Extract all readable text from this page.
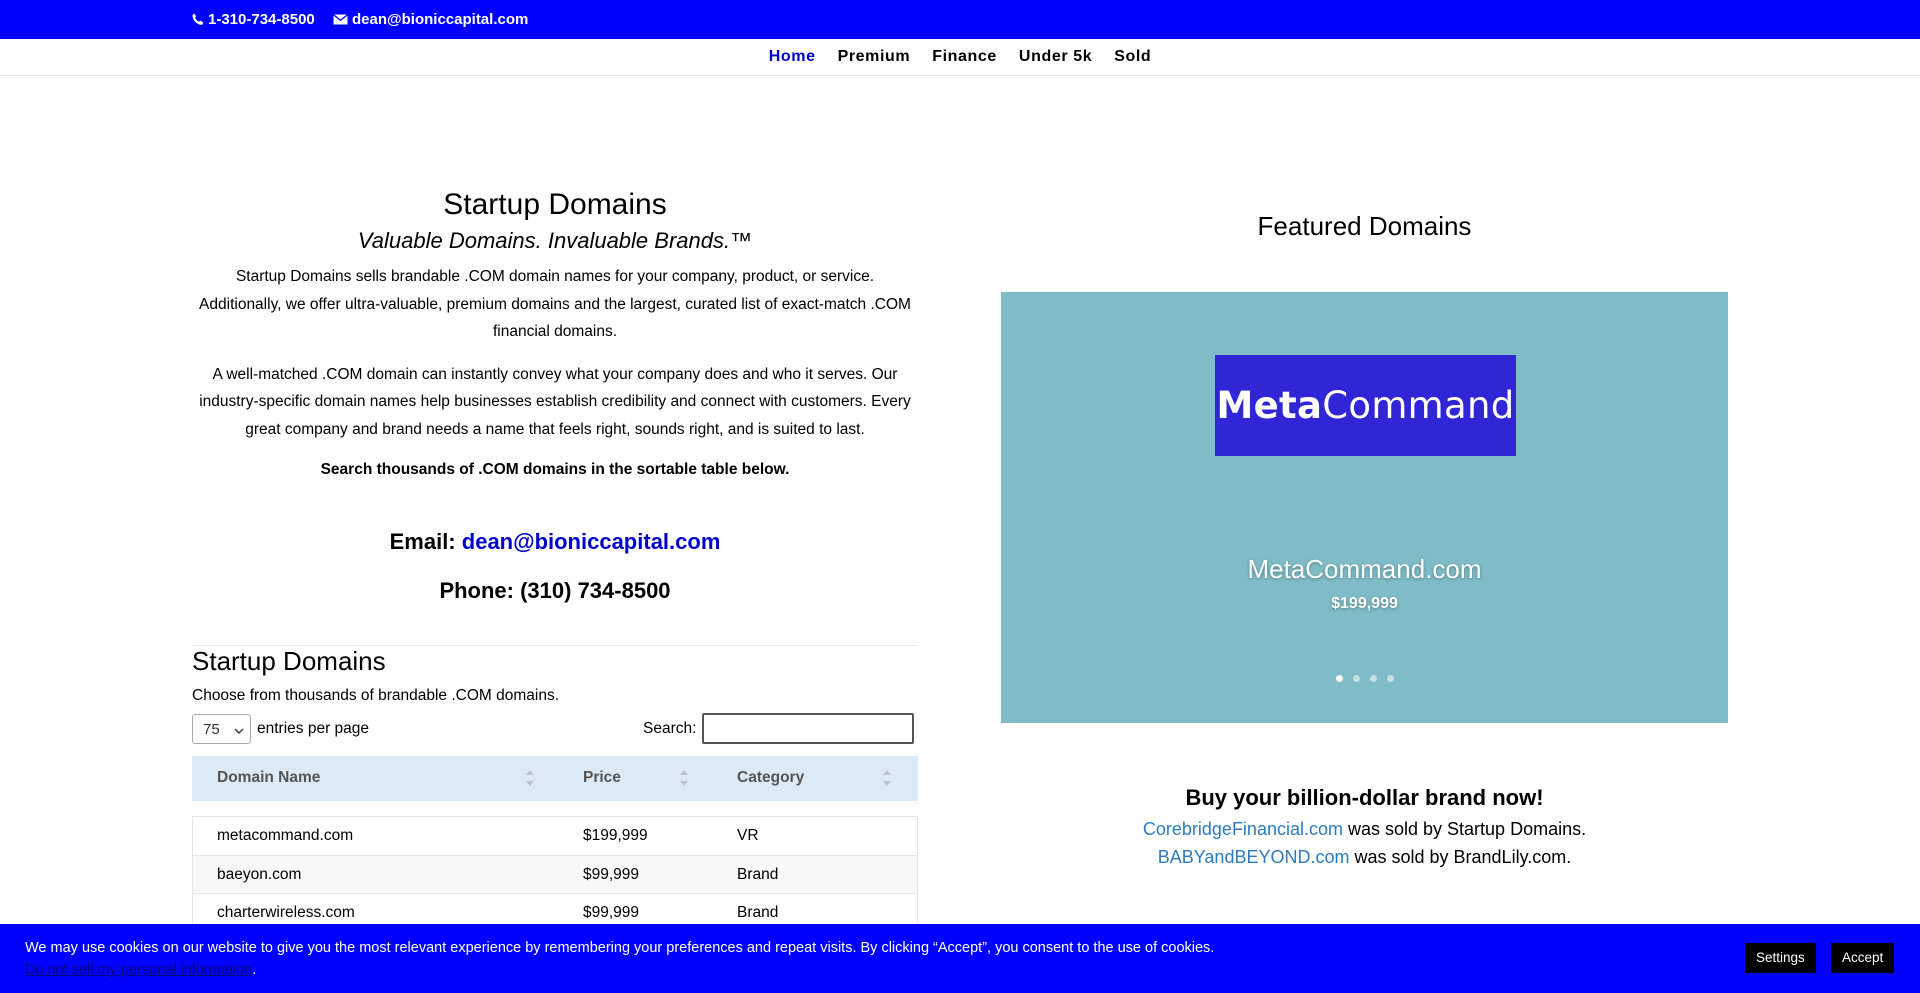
1-310-734-8500 dean@bioniccapital.com
Home Premium Finance Under 5k Sold
Startup Domains
Valuable Domains. Invaluable Brands.™

Startup Domains sells brandable .COM domain names for your company, product, or service. Additionally, we offer ultra-valuable, premium domains and the largest, curated list of exact-match .COM financial domains.

A well-matched .COM domain can instantly convey what your company does and who it serves. Our industry-specific domain names help businesses establish credibility and connect with customers. Every great company and brand needs a name that feels right, sounds right, and is suited to last.

Search thousands of .COM domains in the sortable table below.

Email: dean@bioniccapital.com
Phone: (310) 734-8500
Startup Domains
Choose from thousands of brandable .COM domains.
75 entries per page	Search:
Domain Name	Price	Category
metacommand.com	$199,999	VR
baeyon.com	$99,999	Brand
charterwireless.com	$99,999	Brand
Featured Domains
MetaCommand
MetaCommand.com
$199,999
Buy your billion-dollar brand now!
CorebridgeFinancial.com was sold by Startup Domains.
BABYandBEYOND.com was sold by BrandLily.com.
We may use cookies on our website to give you the most relevant experience by remembering your preferences and repeat visits. By clicking “Accept”, you consent to the use of cookies.
Do not sell my personal information.
Settings	Accept
